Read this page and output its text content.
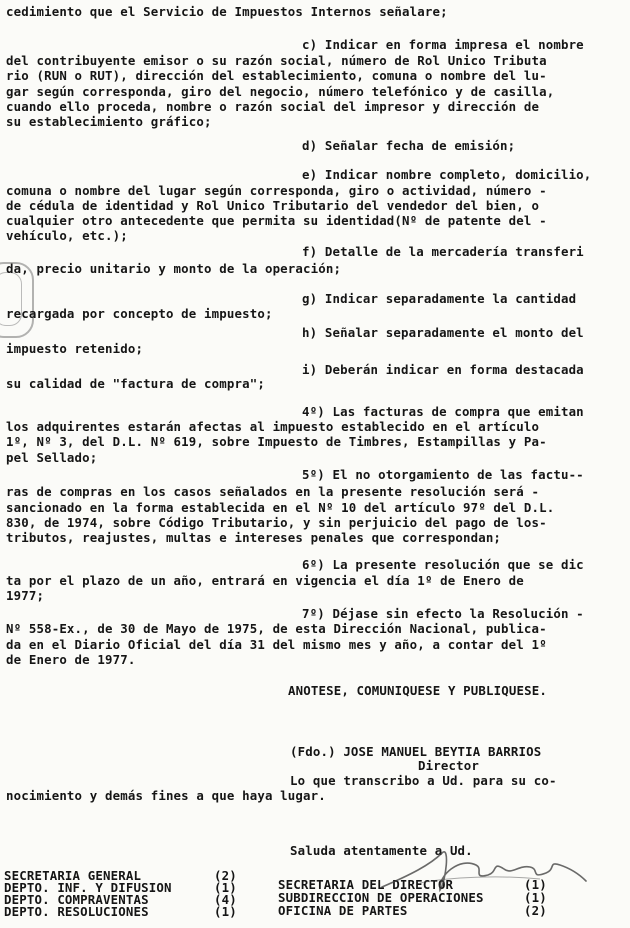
cedimiento que el Servicio de Impuestos Internos señalare;
c) Indicar en forma impresa el nombre
del contribuyente emisor o su razón social, número de Rol Unico Tributa
rio (RUN o RUT), dirección del establecimiento, comuna o nombre del lu-
gar según corresponda, giro del negocio, número telefónico y de casilla,
cuando ello proceda, nombre o razón social del impresor y dirección de
su establecimiento gráfico;
d) Señalar fecha de emisión;
e) Indicar nombre completo, domicilio,
comuna o nombre del lugar según corresponda, giro o actividad, número -
de cédula de identidad y Rol Unico Tributario del vendedor del bien, o
cualquier otro antecedente que permita su identidad(Nº de patente del -
vehículo, etc.);
f) Detalle de la mercadería transferi
da, precio unitario y monto de la operación;
g) Indicar separadamente la cantidad
recargada por concepto de impuesto;
h) Señalar separadamente el monto del
impuesto retenido;
i) Deberán indicar en forma destacada
su calidad de "factura de compra";
4º) Las facturas de compra que emitan
los adquirentes estarán afectas al impuesto establecido en el artículo
1º, Nº 3, del D.L. Nº 619, sobre Impuesto de Timbres, Estampillas y Pa-
pel Sellado;
5º) El no otorgamiento de las factu--
ras de compras en los casos señalados en la presente resolución será -
sancionado en la forma establecida en el Nº 10 del artículo 97º del D.L.
830, de 1974, sobre Código Tributario, y sin perjuicio del pago de los-
tributos, reajustes, multas e intereses penales que correspondan;
6º) La presente resolución que se dic
ta por el plazo de un año, entrará en vigencia el día 1º de Enero de
1977;
7º) Déjase sin efecto la Resolución -
Nº 558-Ex., de 30 de Mayo de 1975, de esta Dirección Nacional, publica-
da en el Diario Oficial del día 31 del mismo mes y año, a contar del 1º
de Enero de 1977.
ANOTESE, COMUNIQUESE Y PUBLIQUESE.
(Fdo.) JOSE MANUEL BEYTIA BARRIOS
Director
Lo que transcribo a Ud. para su co-
nocimiento y demás fines a que haya lugar.
Saluda atentamente a Ud.
SECRETARIA GENERAL	(2)
DEPTO. INF. Y DIFUSION	(1)
DEPTO. COMPRAVENTAS	(4)
DEPTO. RESOLUCIONES	(1)
SECRETARIA DEL DIRECTOR	(1)
SUBDIRECCION DE OPERACIONES	(1)
OFICINA DE PARTES	(2)
